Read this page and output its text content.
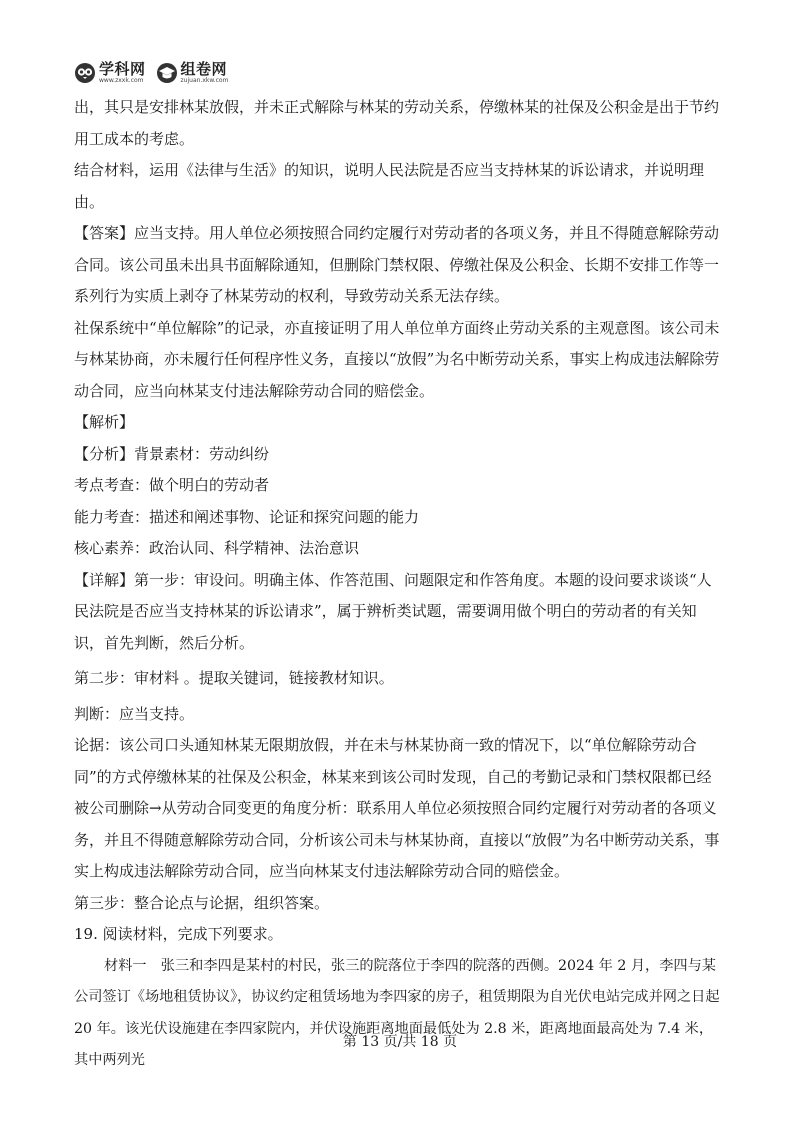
学科网
www.zxxk.com
组卷网
zujuan.xkw.com

出，其只是安排林某放假，并未正式解除与林某的劳动关系，停缴林某的社保及公积金是出于节约用工成本的考虑。

结合材料，运用《法律与生活》的知识，说明人民法院是否应当支持林某的诉讼请求，并说明理由。

【答案】应当支持。用人单位必须按照合同约定履行对劳动者的各项义务，并且不得随意解除劳动合同。该公司虽未出具书面解除通知，但删除门禁权限、停缴社保及公积金、长期不安排工作等一系列行为实质上剥夺了林某劳动的权利，导致劳动关系无法存续。

社保系统中“单位解除”的记录，亦直接证明了用人单位单方面终止劳动关系的主观意图。该公司未与林某协商，亦未履行任何程序性义务，直接以“放假”为名中断劳动关系，事实上构成违法解除劳动合同，应当向林某支付违法解除劳动合同的赔偿金。

【解析】

【分析】背景素材：劳动纠纷

考点考查：做个明白的劳动者

能力考查：描述和阐述事物、论证和探究问题的能力

核心素养：政治认同、科学精神、法治意识

【详解】第一步：审设问。明确主体、作答范围、问题限定和作答角度。本题的设问要求谈谈“人民法院是否应当支持林某的诉讼请求”，属于辨析类试题，需要调用做个明白的劳动者的有关知识，首先判断，然后分析。

第二步：审材料 。提取关键词，链接教材知识。

判断：应当支持。

论据：该公司口头通知林某无限期放假，并在未与林某协商一致的情况下，以“单位解除劳动合同”的方式停缴林某的社保及公积金，林某来到该公司时发现，自己的考勤记录和门禁权限都已经被公司删除→从劳动合同变更的角度分析：联系用人单位必须按照合同约定履行对劳动者的各项义务，并且不得随意解除劳动合同，分析该公司未与林某协商，直接以“放假”为名中断劳动关系，事实上构成违法解除劳动合同，应当向林某支付违法解除劳动合同的赔偿金。

第三步：整合论点与论据，组织答案。

19. 阅读材料，完成下列要求。

材料一　张三和李四是某村的村民，张三的院落位于李四的院落的西侧。2024 年 2 月，李四与某公司签订《场地租赁协议》，协议约定租赁场地为李四家的房子，租赁期限为自光伏电站完成并网之日起 20 年。该光伏设施建在李四家院内，并伏设施距离地面最低处为 2.8 米，距离地面最高处为 7.4 米，其中两列光

第 13 页/共 18 页
